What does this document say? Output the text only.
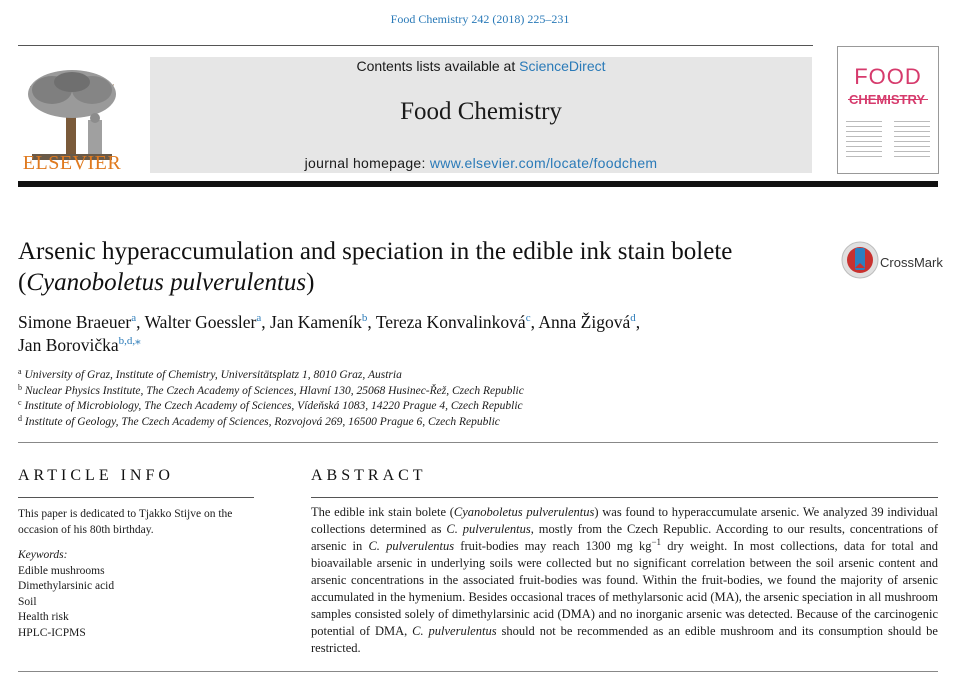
Food Chemistry 242 (2018) 225–231
ELSEVIER
Contents lists available at ScienceDirect
Food Chemistry
journal homepage: www.elsevier.com/locate/foodchem
FOOD
CHEMISTRY
CrossMark
Arsenic hyperaccumulation and speciation in the edible ink stain bolete
(Cyanoboletus pulverulentus)
Simone Braeuer$^a$, Walter Goessler$^a$, Jan Kameník$^b$, Tereza Konvalinková$^c$, Anna Žigová$^d$,
Jan Borovička$^{b,d,⁎}$
$^a$ University of Graz, Institute of Chemistry, Universitätsplatz 1, 8010 Graz, Austria
$^b$ Nuclear Physics Institute, The Czech Academy of Sciences, Hlavní 130, 25068 Husinec-Řež, Czech Republic
$^c$ Institute of Microbiology, The Czech Academy of Sciences, Vídeňská 1083, 14220 Prague 4, Czech Republic
$^d$ Institute of Geology, The Czech Academy of Sciences, Rozvojová 269, 16500 Prague 6, Czech Republic
ARTICLE INFO
This paper is dedicated to Tjakko Stijve on the occasion of his 80th birthday.
Keywords:
Edible mushrooms
Dimethylarsinic acid
Soil
Health risk
HPLC-ICPMS
ABSTRACT
The edible ink stain bolete (Cyanoboletus pulverulentus) was found to hyperaccumulate arsenic. We analyzed 39 individual collections determined as C. pulverulentus, mostly from the Czech Republic. According to our results, concentrations of arsenic in C. pulverulentus fruit-bodies may reach 1300 mg $kg^{-1}$ dry weight. In most collections, data for total and bioavailable arsenic in underlying soils were collected but no significant correlation between the soil arsenic content and arsenic concentrations in the associated fruit-bodies was found. Within the fruit-bodies, we found the majority of arsenic accumulated in the hymenium. Besides occasional traces of methylarsonic acid (MA), the arsenic speciation in all mushroom samples consisted solely of dimethylarsinic acid (DMA) and no inorganic arsenic was detected. Because of the carcinogenic potential of DMA, C. pulverulentus should not be recommended as an edible mushroom and its consumption should be restricted.
